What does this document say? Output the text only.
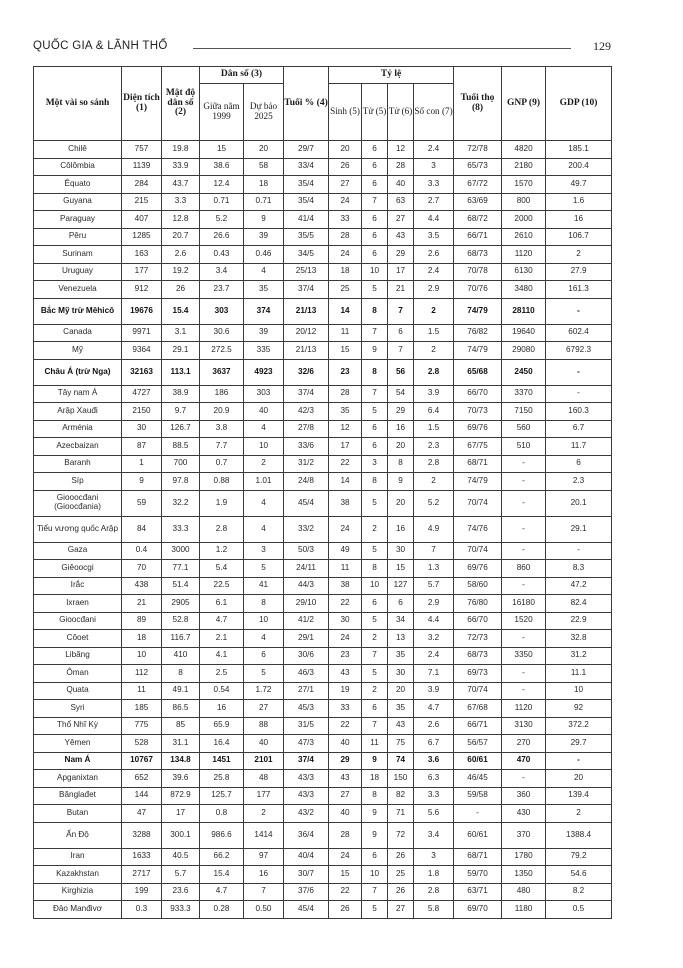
QUỐC GIA & LÃNH THỔ	129
Một vài so sánh	Diện tích (1)	Mật độ dân số (2)	Dân số (3)		Tuổi % (4)	Tỷ lệ				Tuổi thọ (8)	GNP (9)	GDP (10)
			Giữa năm 1999	Dự báo 2025		Sinh (5)	Tử (5)	Tử (6)	Số con (7)			
Chilê	757	19.8	15	20	29/7	20	6	12	2.4	72/78	4820	185.1
Côlômbia	1139	33.9	38.6	58	33/4	26	6	28	3	65/73	2180	200.4
Êquato	284	43.7	12.4	18	35/4	27	6	40	3.3	67/72	1570	49.7
Guyana	215	3.3	0.71	0.71	35/4	24	7	63	2.7	63/69	800	1.6
Paraguay	407	12.8	5.2	9	41/4	33	6	27	4.4	68/72	2000	16
Pêru	1285	20.7	26.6	39	35/5	28	6	43	3.5	66/71	2610	106.7
Surinam	163	2.6	0.43	0.46	34/5	24	6	29	2.6	68/73	1120	2
Uruguay	177	19.2	3.4	4	25/13	18	10	17	2.4	70/78	6130	27.9
Venezuela	912	26	23.7	35	37/4	25	5	21	2.9	70/76	3480	161.3
Bắc Mỹ trừ Mêhicô	19676	15.4	303	374	21/13	14	8	7	2	74/79	28110	-
Canada	9971	3.1	30.6	39	20/12	11	7	6	1.5	76/82	19640	602.4
Mỹ	9364	29.1	272.5	335	21/13	15	9	7	2	74/79	29080	6792.3
Châu Á (trừ Nga)	32163	113.1	3637	4923	32/6	23	8	56	2.8	65/68	2450	-
Tây nam Á	4727	38.9	186	303	37/4	28	7	54	3.9	66/70	3370	-
Arập Xauđi	2150	9.7	20.9	40	42/3	35	5	29	6.4	70/73	7150	160.3
Arménia	30	126.7	3.8	4	27/8	12	6	16	1.5	69/76	560	6.7
Azecbaizan	87	88.5	7.7	10	33/6	17	6	20	2.3	67/75	510	11.7
Baranh	1	700	0.7	2	31/2	22	3	8	2.8	68/71	-	6
Síp	9	97.8	0.88	1.01	24/8	14	8	9	2	74/79	-	2.3
Giooocđani (Gioocđania)	59	32.2	1.9	4	45/4	38	5	20	5.2	70/74	-	20.1
Tiểu vương quốc Arập	84	33.3	2.8	4	33/2	24	2	16	4.9	74/76	-	29.1
Gaza	0.4	3000	1.2	3	50/3	49	5	30	7	70/74	-	-
Giêoocgi	70	77.1	5.4	5	24/11	11	8	15	1.3	69/76	860	8.3
Irắc	438	51.4	22.5	41	44/3	38	10	127	5.7	58/60	-	47.2
Ixraen	21	2905	6.1	8	29/10	22	6	6	2.9	76/80	16180	82.4
Gioocđani	89	52.8	4.7	10	41/2	30	5	34	4.4	66/70	1520	22.9
Côoet	18	116.7	2.1	4	29/1	24	2	13	3.2	72/73	-	32.8
Libăng	10	410	4.1	6	30/6	23	7	35	2.4	68/73	3350	31.2
Ôman	112	8	2.5	5	46/3	43	5	30	7.1	69/73	-	11.1
Quata	11	49.1	0.54	1.72	27/1	19	2	20	3.9	70/74	-	10
Syri	185	86.5	16	27	45/3	33	6	35	4.7	67/68	1120	92
Thổ Nhĩ Kỳ	775	85	65.9	88	31/5	22	7	43	2.6	66/71	3130	372.2
Yêmen	528	31.1	16.4	40	47/3	40	11	75	6.7	56/57	270	29.7
Nam Á	10767	134.8	1451	2101	37/4	29	9	74	3.6	60/61	470	-
Apganixtan	652	39.6	25.8	48	43/3	43	18	150	6.3	46/45	-	20
Bănglađet	144	872.9	125.7	177	43/3	27	8	82	3.3	59/58	360	139.4
Butan	47	17	0.8	2	43/2	40	9	71	5.6	-	430	2
Ấn Độ	3288	300.1	986.6	1414	36/4	28	9	72	3.4	60/61	370	1388.4
Iran	1633	40.5	66.2	97	40/4	24	6	26	3	68/71	1780	79.2
Kazakhstan	2717	5.7	15.4	16	30/7	15	10	25	1.8	59/70	1350	54.6
Kirghizia	199	23.6	4.7	7	37/6	22	7	26	2.8	63/71	480	8.2
Đảo Manđivơ	0.3	933.3	0.28	0.50	45/4	26	5	27	5.8	69/70	1180	0.5
